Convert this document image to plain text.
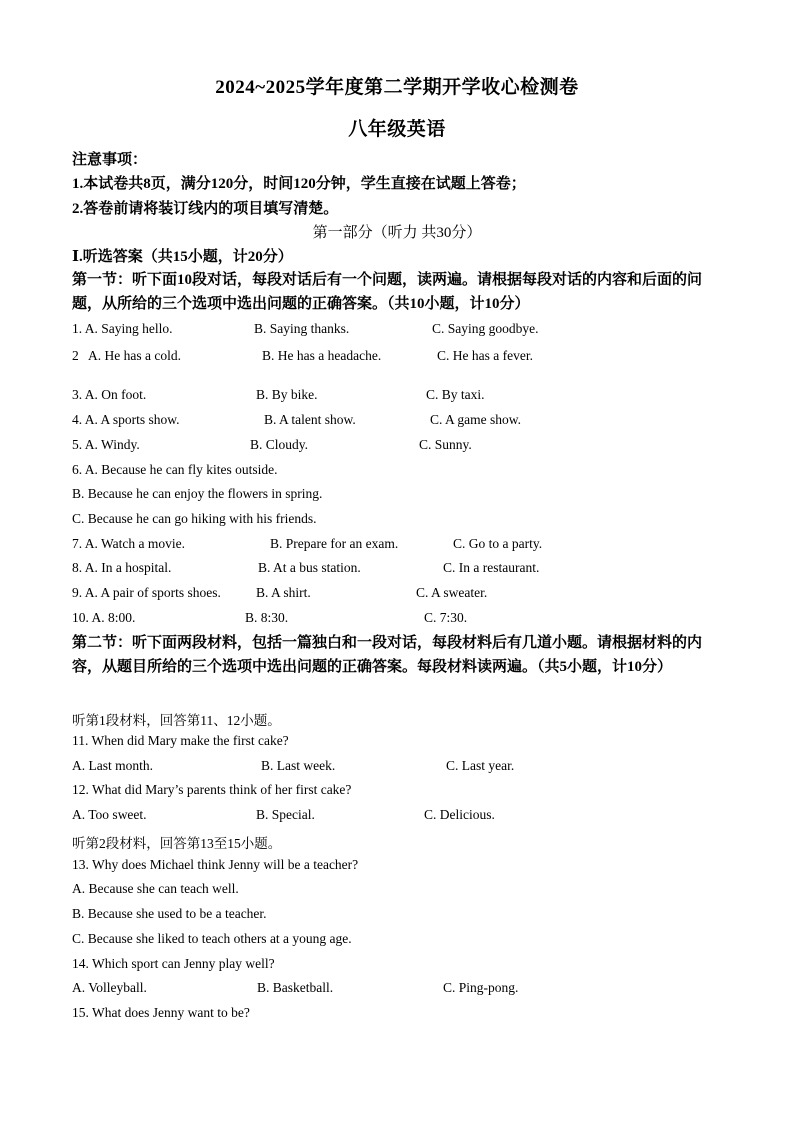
2024~2025学年度第二学期开学收心检测卷
八年级英语
注意事项：
1.本试卷共8页，满分120分，时间120分钟，学生直接在试题上答卷；
2.答卷前请将装订线内的项目填写清楚。
第一部分（听力 共30分）
Ⅰ.听选答案（共15小题，计20分）
第一节：听下面10段对话，每段对话后有一个问题，读两遍。请根据每段对话的内容和后面的问题，从所给的三个选项中选出问题的正确答案。（共10小题，计10分）
1. A. Saying hello.	B. Saying thanks.	C. Saying goodbye.
2 A. He has a cold.	B. He has a headache.	C. He has a fever.
3. A. On foot.	B. By bike.	C. By taxi.
4. A. A sports show.	B. A talent show.	C. A game show.
5. A. Windy.	B. Cloudy.	C. Sunny.
6. A. Because he can fly kites outside.
B. Because he can enjoy the flowers in spring.
C. Because he can go hiking with his friends.
7. A. Watch a movie.	B. Prepare for an exam.	C. Go to a party.
8. A. In a hospital.	B. At a bus station.	C. In a restaurant.
9. A. A pair of sports shoes.	B. A shirt.	C. A sweater.
10. A. 8:00.	B. 8:30.	C. 7:30.
第二节：听下面两段材料，包括一篇独白和一段对话，每段材料后有几道小题。请根据材料的内容，从题目所给的三个选项中选出问题的正确答案。每段材料读两遍。（共5小题，计10分）
听第1段材料，回答第11、12小题。
11. When did Mary make the first cake?
A. Last month.	B. Last week.	C. Last year.
12. What did Mary’s parents think of her first cake?
A. Too sweet.	B. Special.	C. Delicious.
听第2段材料，回答第13至15小题。
13. Why does Michael think Jenny will be a teacher?
A. Because she can teach well.
B. Because she used to be a teacher.
C. Because she liked to teach others at a young age.
14. Which sport can Jenny play well?
A. Volleyball.	B. Basketball.	C. Ping-pong.
15. What does Jenny want to be?
